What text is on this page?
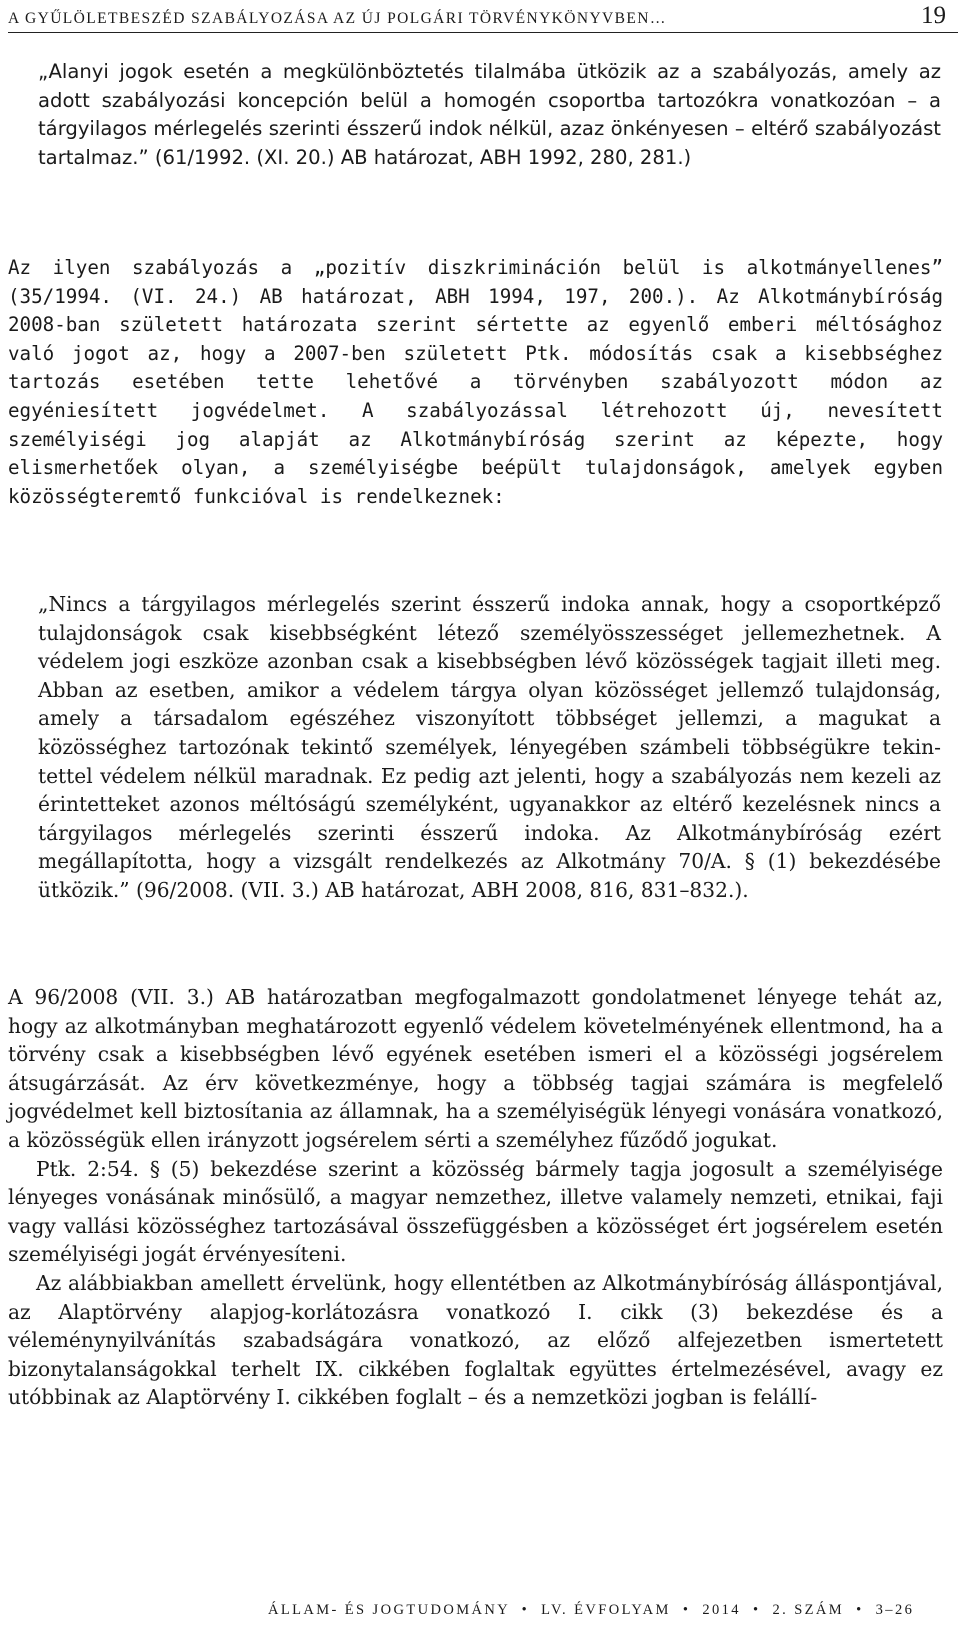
A GYŰLÖLETBESZÉD SZABÁLYOZÁSA AZ ÚJ POLGÁRI TÖRVÉNYKÖNYVBEN…	19

„Alanyi jogok esetén a megkülönböztetés tilalmába ütközik az a szabályozás, amely az adott szabályozási koncepción belül a homogén csoportba tartozókra vonatkozóan – a tárgyilagos mérlegelés szerinti ésszerű indok nélkül, azaz önkényesen – eltérő szabályozást tartalmaz.” (61/1992. (XI. 20.) AB határozat, ABH 1992, 280, 281.)

Az ilyen szabályozás a „pozitív diszkrimináción belül is alkotmányellenes” (35/1994. (VI. 24.) AB határozat, ABH 1994, 197, 200.). Az Alkotmánybíróság 2008-ban született határozata szerint sértette az egyenlő emberi méltósághoz való jogot az, hogy a 2007-ben született Ptk. módosítás csak a kisebbséghez tartozás esetében tette lehetővé a törvényben szabályozott módon az egyéniesített jogvédelmet. A szabályozással létrehozott új, nevesített személyiségi jog alapját az Alkotmánybíróság szerint az képezte, hogy elismerhetőek olyan, a személyiségbe beépült tulajdonságok, amelyek egyben közösségteremtő funkcióval is rendelkeznek:

„Nincs a tárgyilagos mérlegelés szerint ésszerű indoka annak, hogy a csoportképző tulajdonságok csak kisebbségként létező személyösszességet jellemezhetnek. A védelem jogi eszköze azonban csak a kisebbségben lévő közösségek tagjait illeti meg. Abban az esetben, amikor a védelem tárgya olyan közösséget jellemző tulajdonság, amely a társadalom egészéhez viszonyított többséget jellemzi, a magukat a közösséghez tartozónak tekintő személyek, lényegében számbeli többségükre tekintettel védelem nélkül maradnak. Ez pedig azt jelenti, hogy a szabályozás nem kezeli az érintetteket azonos méltóságú személyként, ugyanakkor az eltérő kezelésnek nincs a tárgyilagos mérlegelés szerinti ésszerű indoka. Az Alkotmánybíróság ezért megállapította, hogy a vizsgált rendelkezés az Alkotmány 70/A. § (1) bekezdésébe ütközik.” (96/2008. (VII. 3.) AB határozat, ABH 2008, 816, 831–832.).

A 96/2008 (VII. 3.) AB határozatban megfogalmazott gondolatmenet lényege tehát az, hogy az alkotmányban meghatározott egyenlő védelem követelményének ellentmond, ha a törvény csak a kisebbségben lévő egyének esetében ismeri el a közösségi jogsérelem átsugárzását. Az érv következménye, hogy a többség tagjai számára is megfelelő jogvédelmet kell biztosítania az államnak, ha a személyiségük lényegi vonására vonatkozó, a közösségük ellen irányzott jogsérelem sérti a személyhez fűződő jogukat.

Ptk. 2:54. § (5) bekezdése szerint a közösség bármely tagja jogosult a személyisége lényeges vonásának minősülő, a magyar nemzethez, illetve valamely nemzeti, etnikai, faji vagy vallási közösséghez tartozásával összefüggésben a közösséget ért jogsérelem esetén személyiségi jogát érvényesíteni.

Az alábbiakban amellett érvelünk, hogy ellentétben az Alkotmánybíróság álláspontjával, az Alaptörvény alapjog-korlátozásra vonatkozó I. cikk (3) bekezdése és a véleménynyilvánítás szabadságára vonatkozó, az előző alfejezetben ismertetett bizonytalanságokkal terhelt IX. cikkében foglaltak együttes értelmezésével, avagy ez utóbbinak az Alaptörvény I. cikkében foglalt – és a nemzetközi jogban is felállí-

ÁLLAM- ÉS JOGTUDOMÁNY • LV. ÉVFOLYAM • 2014 • 2. SZÁM • 3–26
